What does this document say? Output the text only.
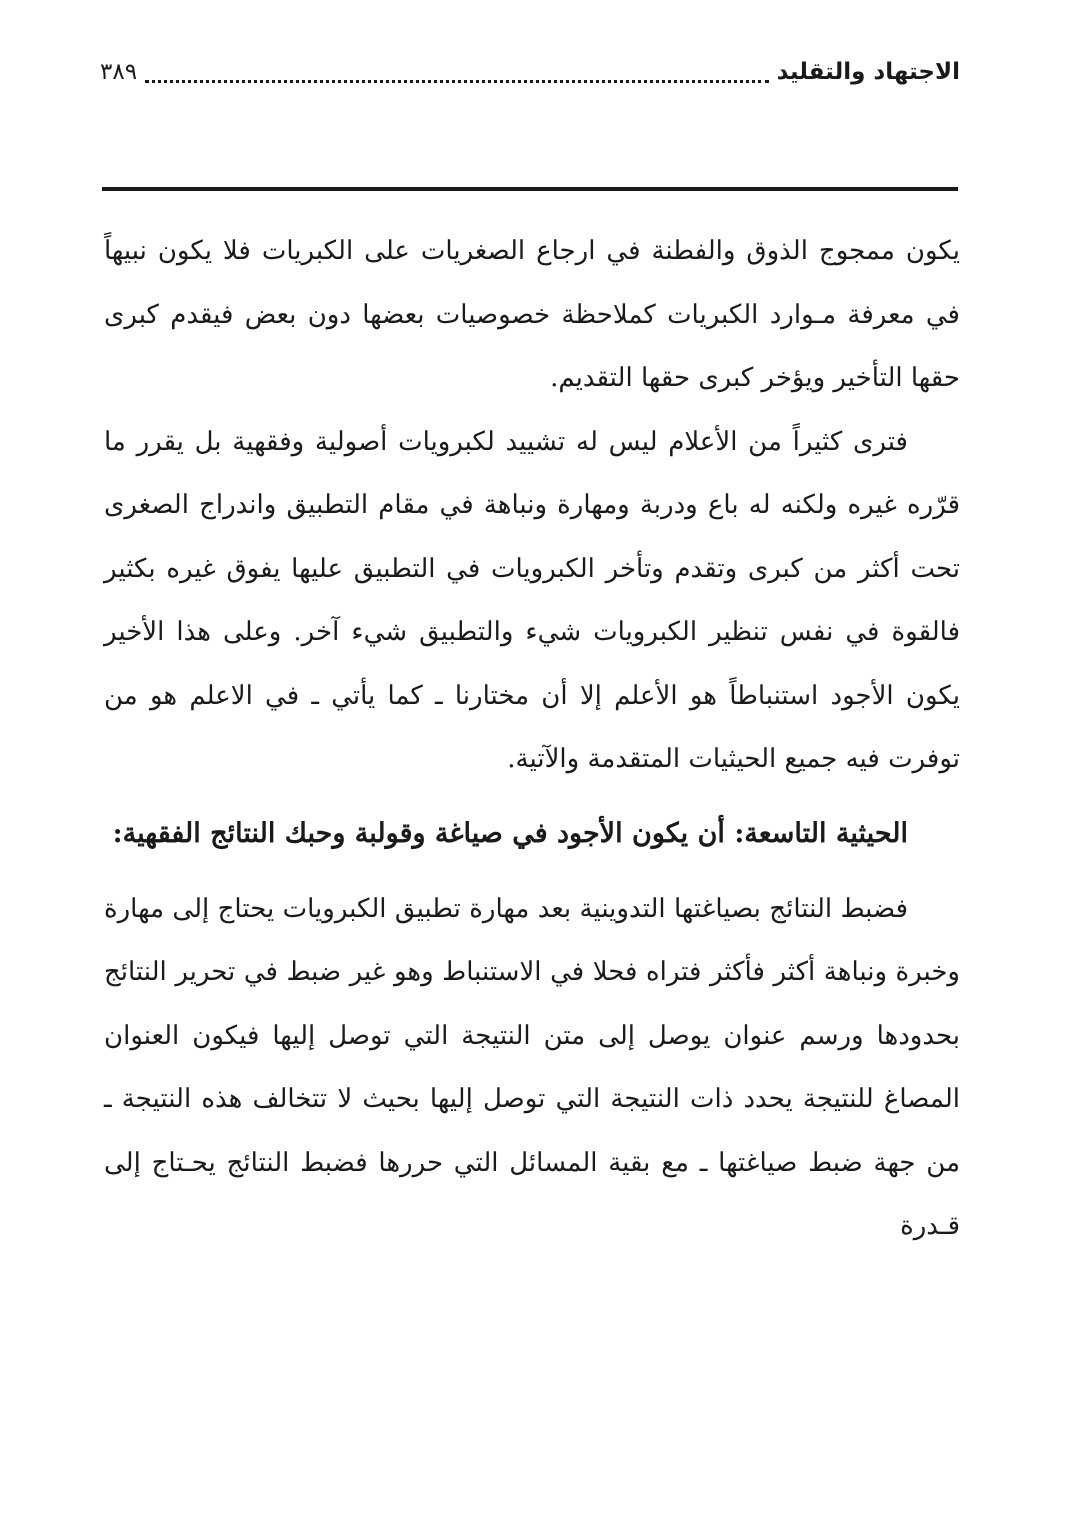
الاجتهاد والتقليد
٣٨٩

يكون ممجوج الذوق والفطنة في ارجاع الصغريات على الكبريات فلا يكون نبيهاً في معرفة مـوارد الكبريات كملاحظة خصوصيات بعضها دون بعض فيقدم كبرى حقها التأخير ويؤخر كبرى حقها التقديم.

فترى كثيراً من الأعلام ليس له تشييد لكبرويات أصولية وفقهية بل يقرر ما قرّره غيره ولكنه له باع ودربة ومهارة ونباهة في مقام التطبيق واندراج الصغرى تحت أكثر من كبرى وتقدم وتأخر الكبرويات في التطبيق عليها يفوق غيره بكثير فالقوة في نفس تنظير الكبرويات شيء والتطبيق شيء آخر. وعلى هذا الأخير يكون الأجود استنباطاً هو الأعلم إلا أن مختارنا ـ كما يأتي ـ في الاعلم هو من توفرت فيه جميع الحيثيات المتقدمة والآتية.

الحيثية التاسعة: أن يكون الأجود في صياغة وقولبة وحبك النتائج الفقهية:

فضبط النتائج بصياغتها التدوينية بعد مهارة تطبيق الكبرويات يحتاج إلى مهارة وخبرة ونباهة أكثر فأكثر فتراه فحلا في الاستنباط وهو غير ضبط في تحرير النتائج بحدودها ورسم عنوان يوصل إلى متن النتيجة التي توصل إليها فيكون العنوان المصاغ للنتيجة يحدد ذات النتيجة التي توصل إليها بحيث لا تتخالف هذه النتيجة ـ من جهة ضبط صياغتها ـ مع بقية المسائل التي حررها فضبط النتائج يحـتاج إلى قـدرة
